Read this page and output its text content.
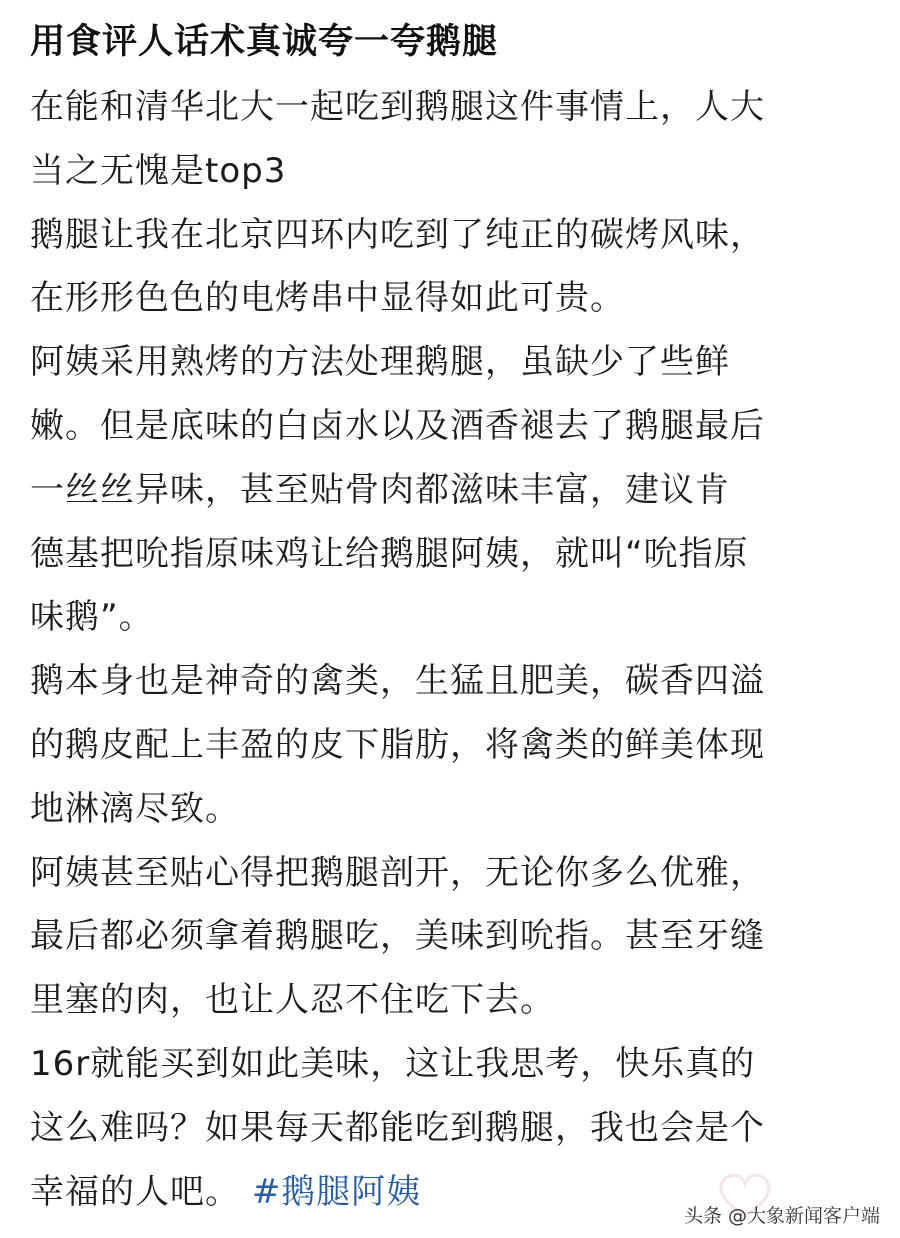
用食评人话术真诚夸一夸鹅腿
在能和清华北大一起吃到鹅腿这件事情上，人大
当之无愧是top3
鹅腿让我在北京四环内吃到了纯正的碳烤风味，
在形形色色的电烤串中显得如此可贵。
阿姨采用熟烤的方法处理鹅腿，虽缺少了些鲜
嫩。但是底味的白卤水以及酒香褪去了鹅腿最后
一丝丝异味，甚至贴骨肉都滋味丰富，建议肯
德基把吮指原味鸡让给鹅腿阿姨，就叫“吮指原
味鹅”。
鹅本身也是神奇的禽类，生猛且肥美，碳香四溢
的鹅皮配上丰盈的皮下脂肪，将禽类的鲜美体现
地淋漓尽致。
阿姨甚至贴心得把鹅腿剖开，无论你多么优雅，
最后都必须拿着鹅腿吃，美味到吮指。甚至牙缝
里塞的肉，也让人忍不住吃下去。
16r就能买到如此美味，这让我思考，快乐真的
这么难吗？如果每天都能吃到鹅腿，我也会是个
幸福的人吧。 #鹅腿阿姨
头条 @大象新闻客户端
